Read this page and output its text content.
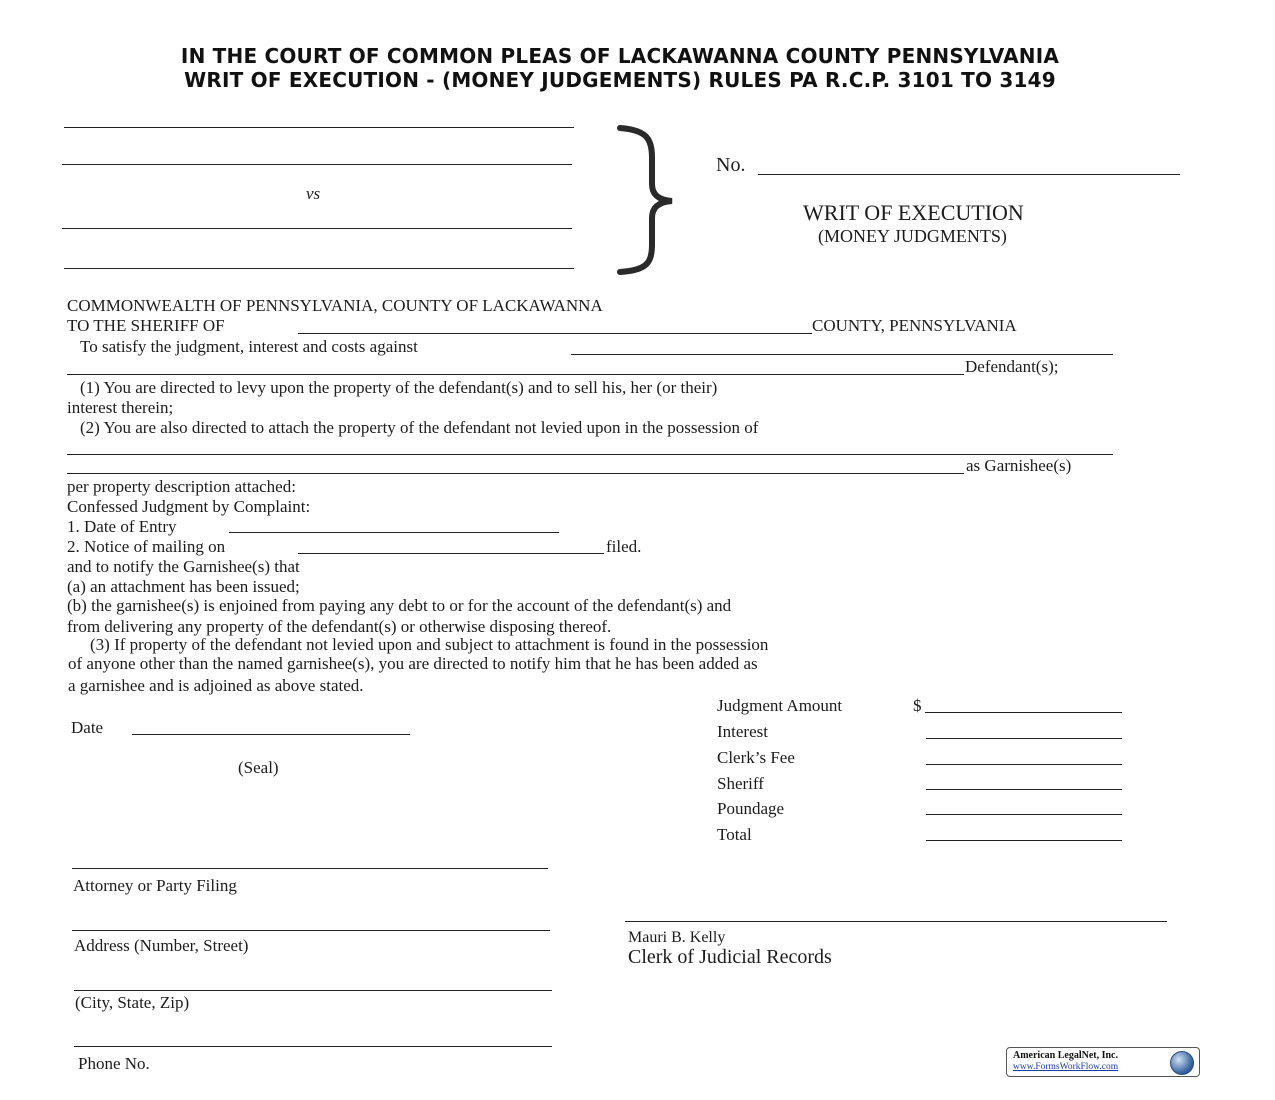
IN THE COURT OF COMMON PLEAS OF LACKAWANNA COUNTY PENNSYLVANIA
WRIT OF EXECUTION - (MONEY JUDGEMENTS) RULES PA R.C.P. 3101 TO 3149
vs
No.
WRIT OF EXECUTION
(MONEY JUDGMENTS)
COMMONWEALTH OF PENNSYLVANIA, COUNTY OF LACKAWANNA
TO THE SHERIFF OF	COUNTY, PENNSYLVANIA
To satisfy the judgment, interest and costs against
Defendant(s);
(1) You are directed to levy upon the property of the defendant(s) and to sell his, her (or their)
interest therein;
(2) You are also directed to attach the property of the defendant not levied upon in the possession of
as Garnishee(s)
per property description attached:
Confessed Judgment by Complaint:
1. Date of Entry
2. Notice of mailing on	filed.
and to notify the Garnishee(s) that
(a) an attachment has been issued;
(b) the garnishee(s) is enjoined from paying any debt to or for the account of the defendant(s) and
from delivering any property of the defendant(s) or otherwise disposing thereof.
(3) If property of the defendant not levied upon and subject to attachment is found in the possession
of anyone other than the named garnishee(s), you are directed to notify him that he has been added as
a garnishee and is adjoined as above stated.
Date
(Seal)
Attorney or Party Filing
Address (Number, Street)
(City, State, Zip)
Phone No.
Judgment Amount	$
Interest
Clerk’s Fee
Sheriff
Poundage
Total
Mauri B. Kelly
Clerk of Judicial Records
American LegalNet, Inc.
www.FormsWorkFlow.com
